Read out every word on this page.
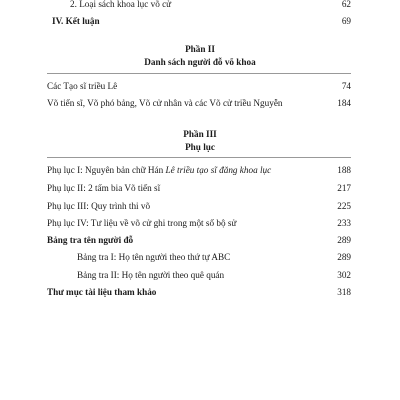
2. Loại sách khoa lục võ cử	62
IV. Kết luận	69
Phần II
Danh sách người đỗ võ khoa
Các Tạo sĩ triều Lê	74
Võ tiến sĩ, Võ phó bảng, Võ cử nhân và các Võ cử triều Nguyễn	184
Phần III
Phụ lục
Phụ lục I: Nguyên bản chữ Hán Lê triều tạo sĩ đăng khoa lục	188
Phụ lục II: 2 tấm bia Võ tiến sĩ	217
Phụ lục III: Quy trình thi võ	225
Phụ lục IV: Tư liệu về võ cử ghi trong một số bộ sử	233
Bảng tra tên người đỗ	289
Bảng tra I: Họ tên người theo thứ tự ABC	289
Bảng tra II: Họ tên người theo quê quán	302
Thư mục tài liệu tham khảo	318
